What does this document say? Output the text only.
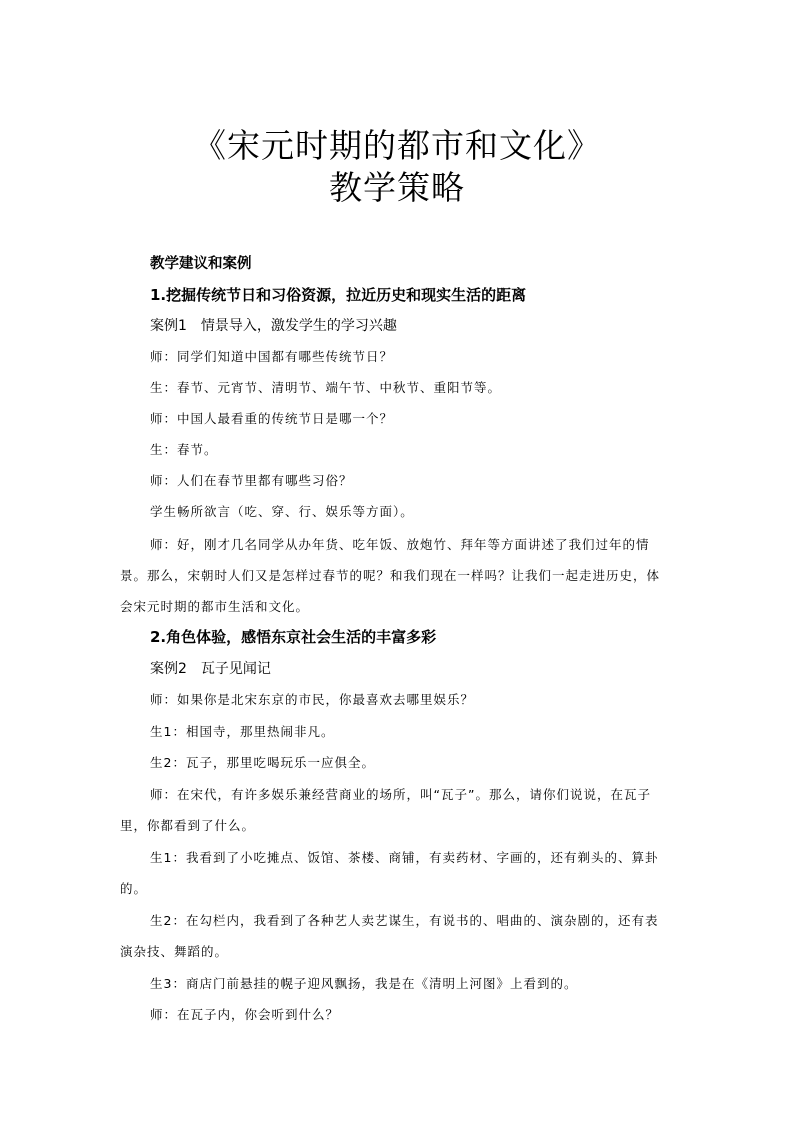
《宋元时期的都市和文化》
教学策略
教学建议和案例
1.挖掘传统节日和习俗资源，拉近历史和现实生活的距离
案例1　情景导入，激发学生的学习兴趣
师：同学们知道中国都有哪些传统节日？
生：春节、元宵节、清明节、端午节、中秋节、重阳节等。
师：中国人最看重的传统节日是哪一个？
生：春节。
师：人们在春节里都有哪些习俗？
学生畅所欲言（吃、穿、行、娱乐等方面）。
师：好，刚才几名同学从办年货、吃年饭、放炮竹、拜年等方面讲述了我们过年的情
景。那么，宋朝时人们又是怎样过春节的呢？和我们现在一样吗？让我们一起走进历史，体
会宋元时期的都市生活和文化。
2.角色体验，感悟东京社会生活的丰富多彩
案例2　瓦子见闻记
师：如果你是北宋东京的市民，你最喜欢去哪里娱乐？
生1：相国寺，那里热闹非凡。
生2：瓦子，那里吃喝玩乐一应俱全。
师：在宋代，有许多娱乐兼经营商业的场所，叫“瓦子”。那么，请你们说说，在瓦子
里，你都看到了什么。
生1：我看到了小吃摊点、饭馆、茶楼、商铺，有卖药材、字画的，还有剃头的、算卦
的。
生2：在勾栏内，我看到了各种艺人卖艺谋生，有说书的、唱曲的、演杂剧的，还有表
演杂技、舞蹈的。
生3：商店门前悬挂的幌子迎风飘扬，我是在《清明上河图》上看到的。
师：在瓦子内，你会听到什么？
